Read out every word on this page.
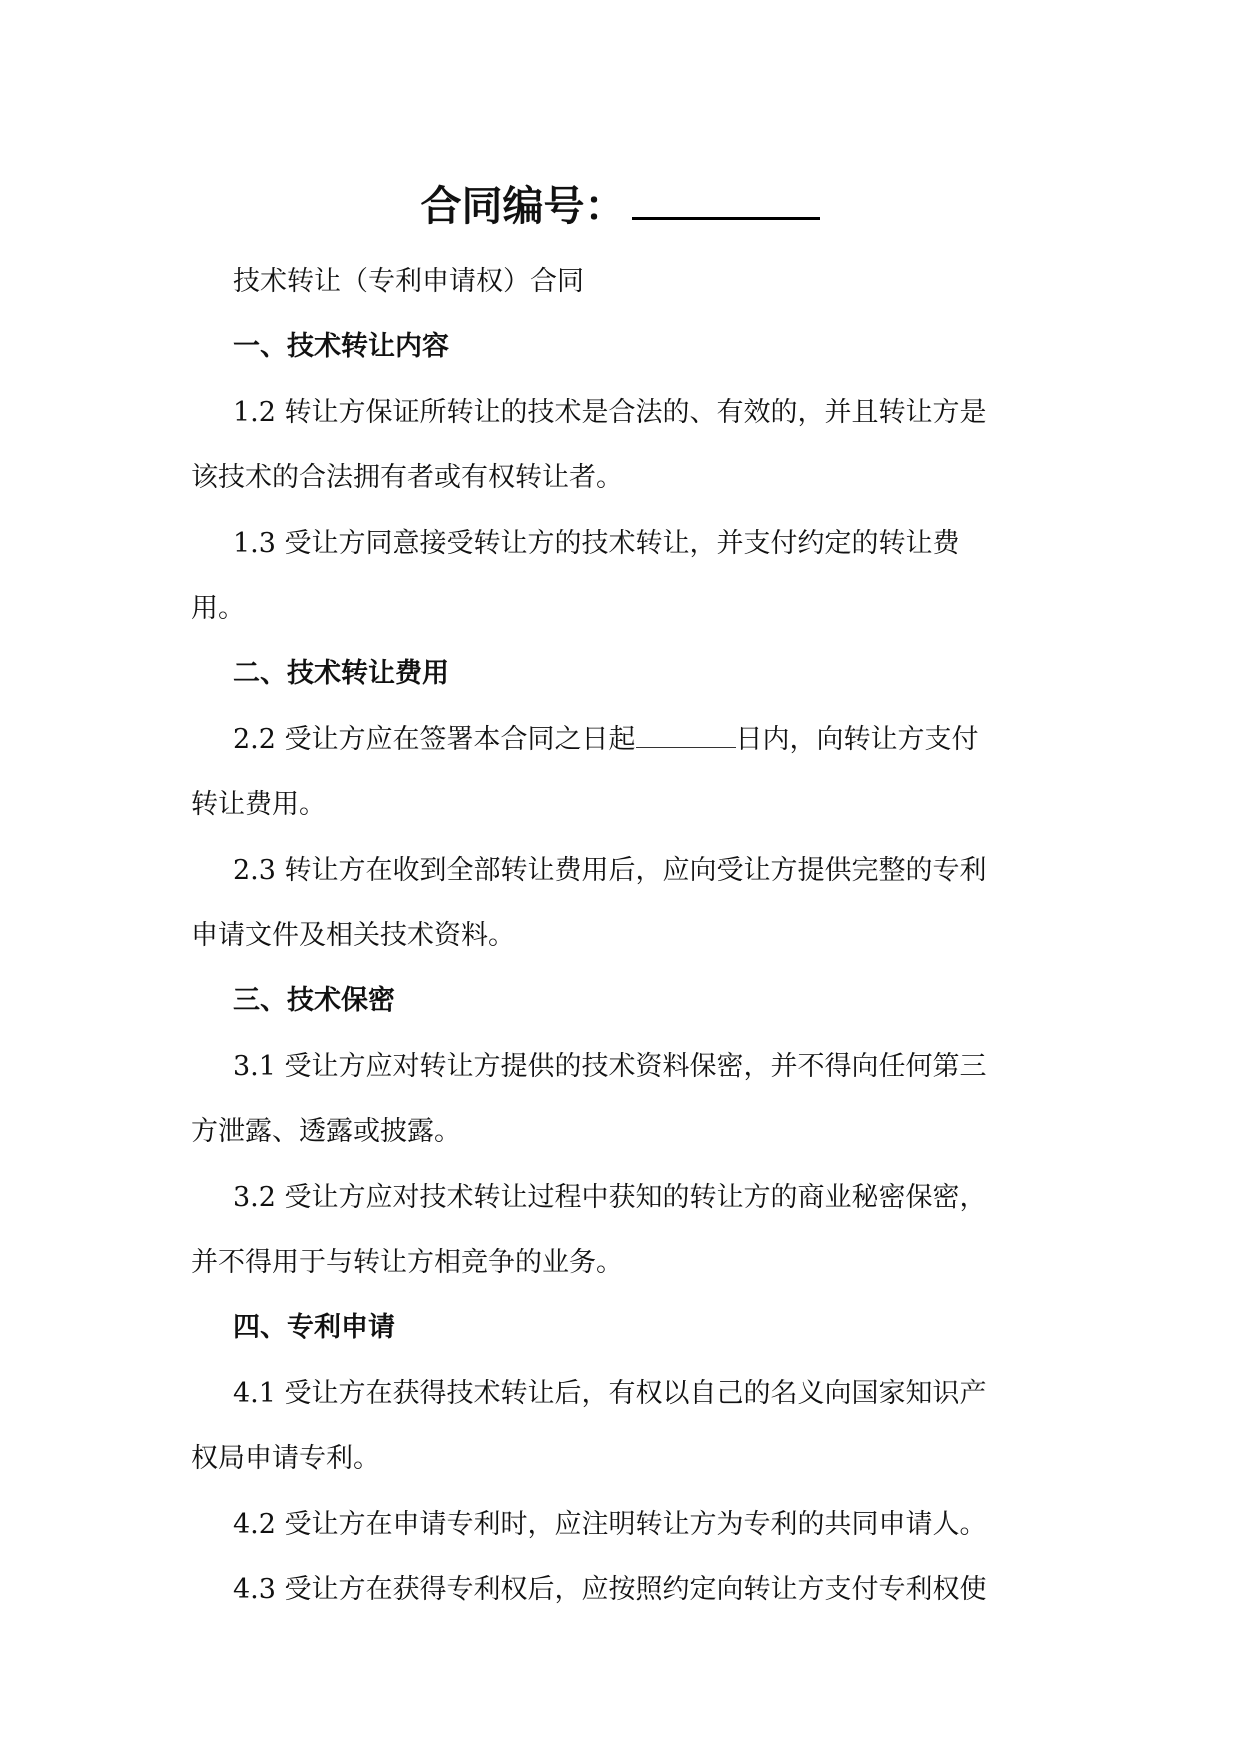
合同编号：
技术转让（专利申请权）合同
一、技术转让内容
1.2 转让方保证所转让的技术是合法的、有效的，并且转让方是
该技术的合法拥有者或有权转让者。
1.3 受让方同意接受转让方的技术转让，并支付约定的转让费
用。
二、技术转让费用
2.2 受让方应在签署本合同之日起	日内，向转让方支付
转让费用。
2.3 转让方在收到全部转让费用后，应向受让方提供完整的专利
申请文件及相关技术资料。
三、技术保密
3.1 受让方应对转让方提供的技术资料保密，并不得向任何第三
方泄露、透露或披露。
3.2 受让方应对技术转让过程中获知的转让方的商业秘密保密，
并不得用于与转让方相竞争的业务。
四、专利申请
4.1 受让方在获得技术转让后，有权以自己的名义向国家知识产
权局申请专利。
4.2 受让方在申请专利时，应注明转让方为专利的共同申请人。
4.3 受让方在获得专利权后，应按照约定向转让方支付专利权使
